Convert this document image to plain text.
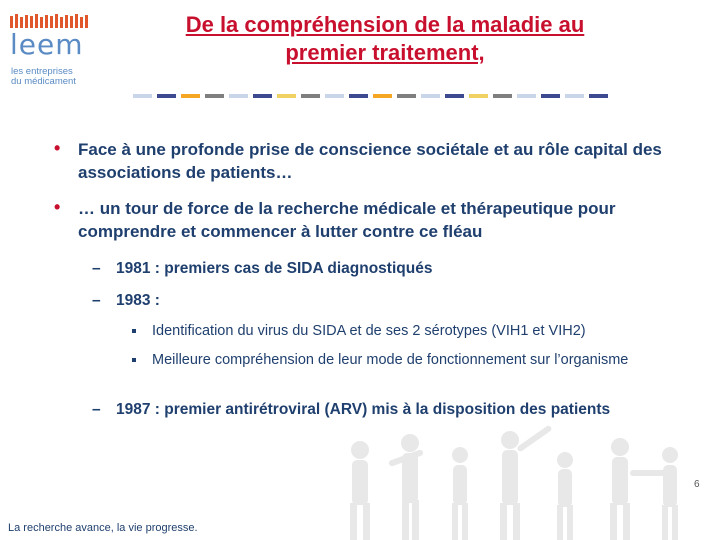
leem
les entreprises
du médicament
De la compréhension de la maladie au
premier traitement,
• Face à une profonde prise de conscience sociétale et au rôle capital des associations de patients…
• … un tour de force de la recherche médicale et thérapeutique pour comprendre et commencer à lutter contre ce fléau
– 1981 : premiers cas de SIDA diagnostiqués
– 1983 :
Identification du virus du SIDA et de ses 2 sérotypes (VIH1 et VIH2)
Meilleure compréhension de leur mode de fonctionnement sur l’organisme
– 1987 : premier antirétroviral (ARV) mis à la disposition des patients
6
La recherche avance, la vie progresse.
